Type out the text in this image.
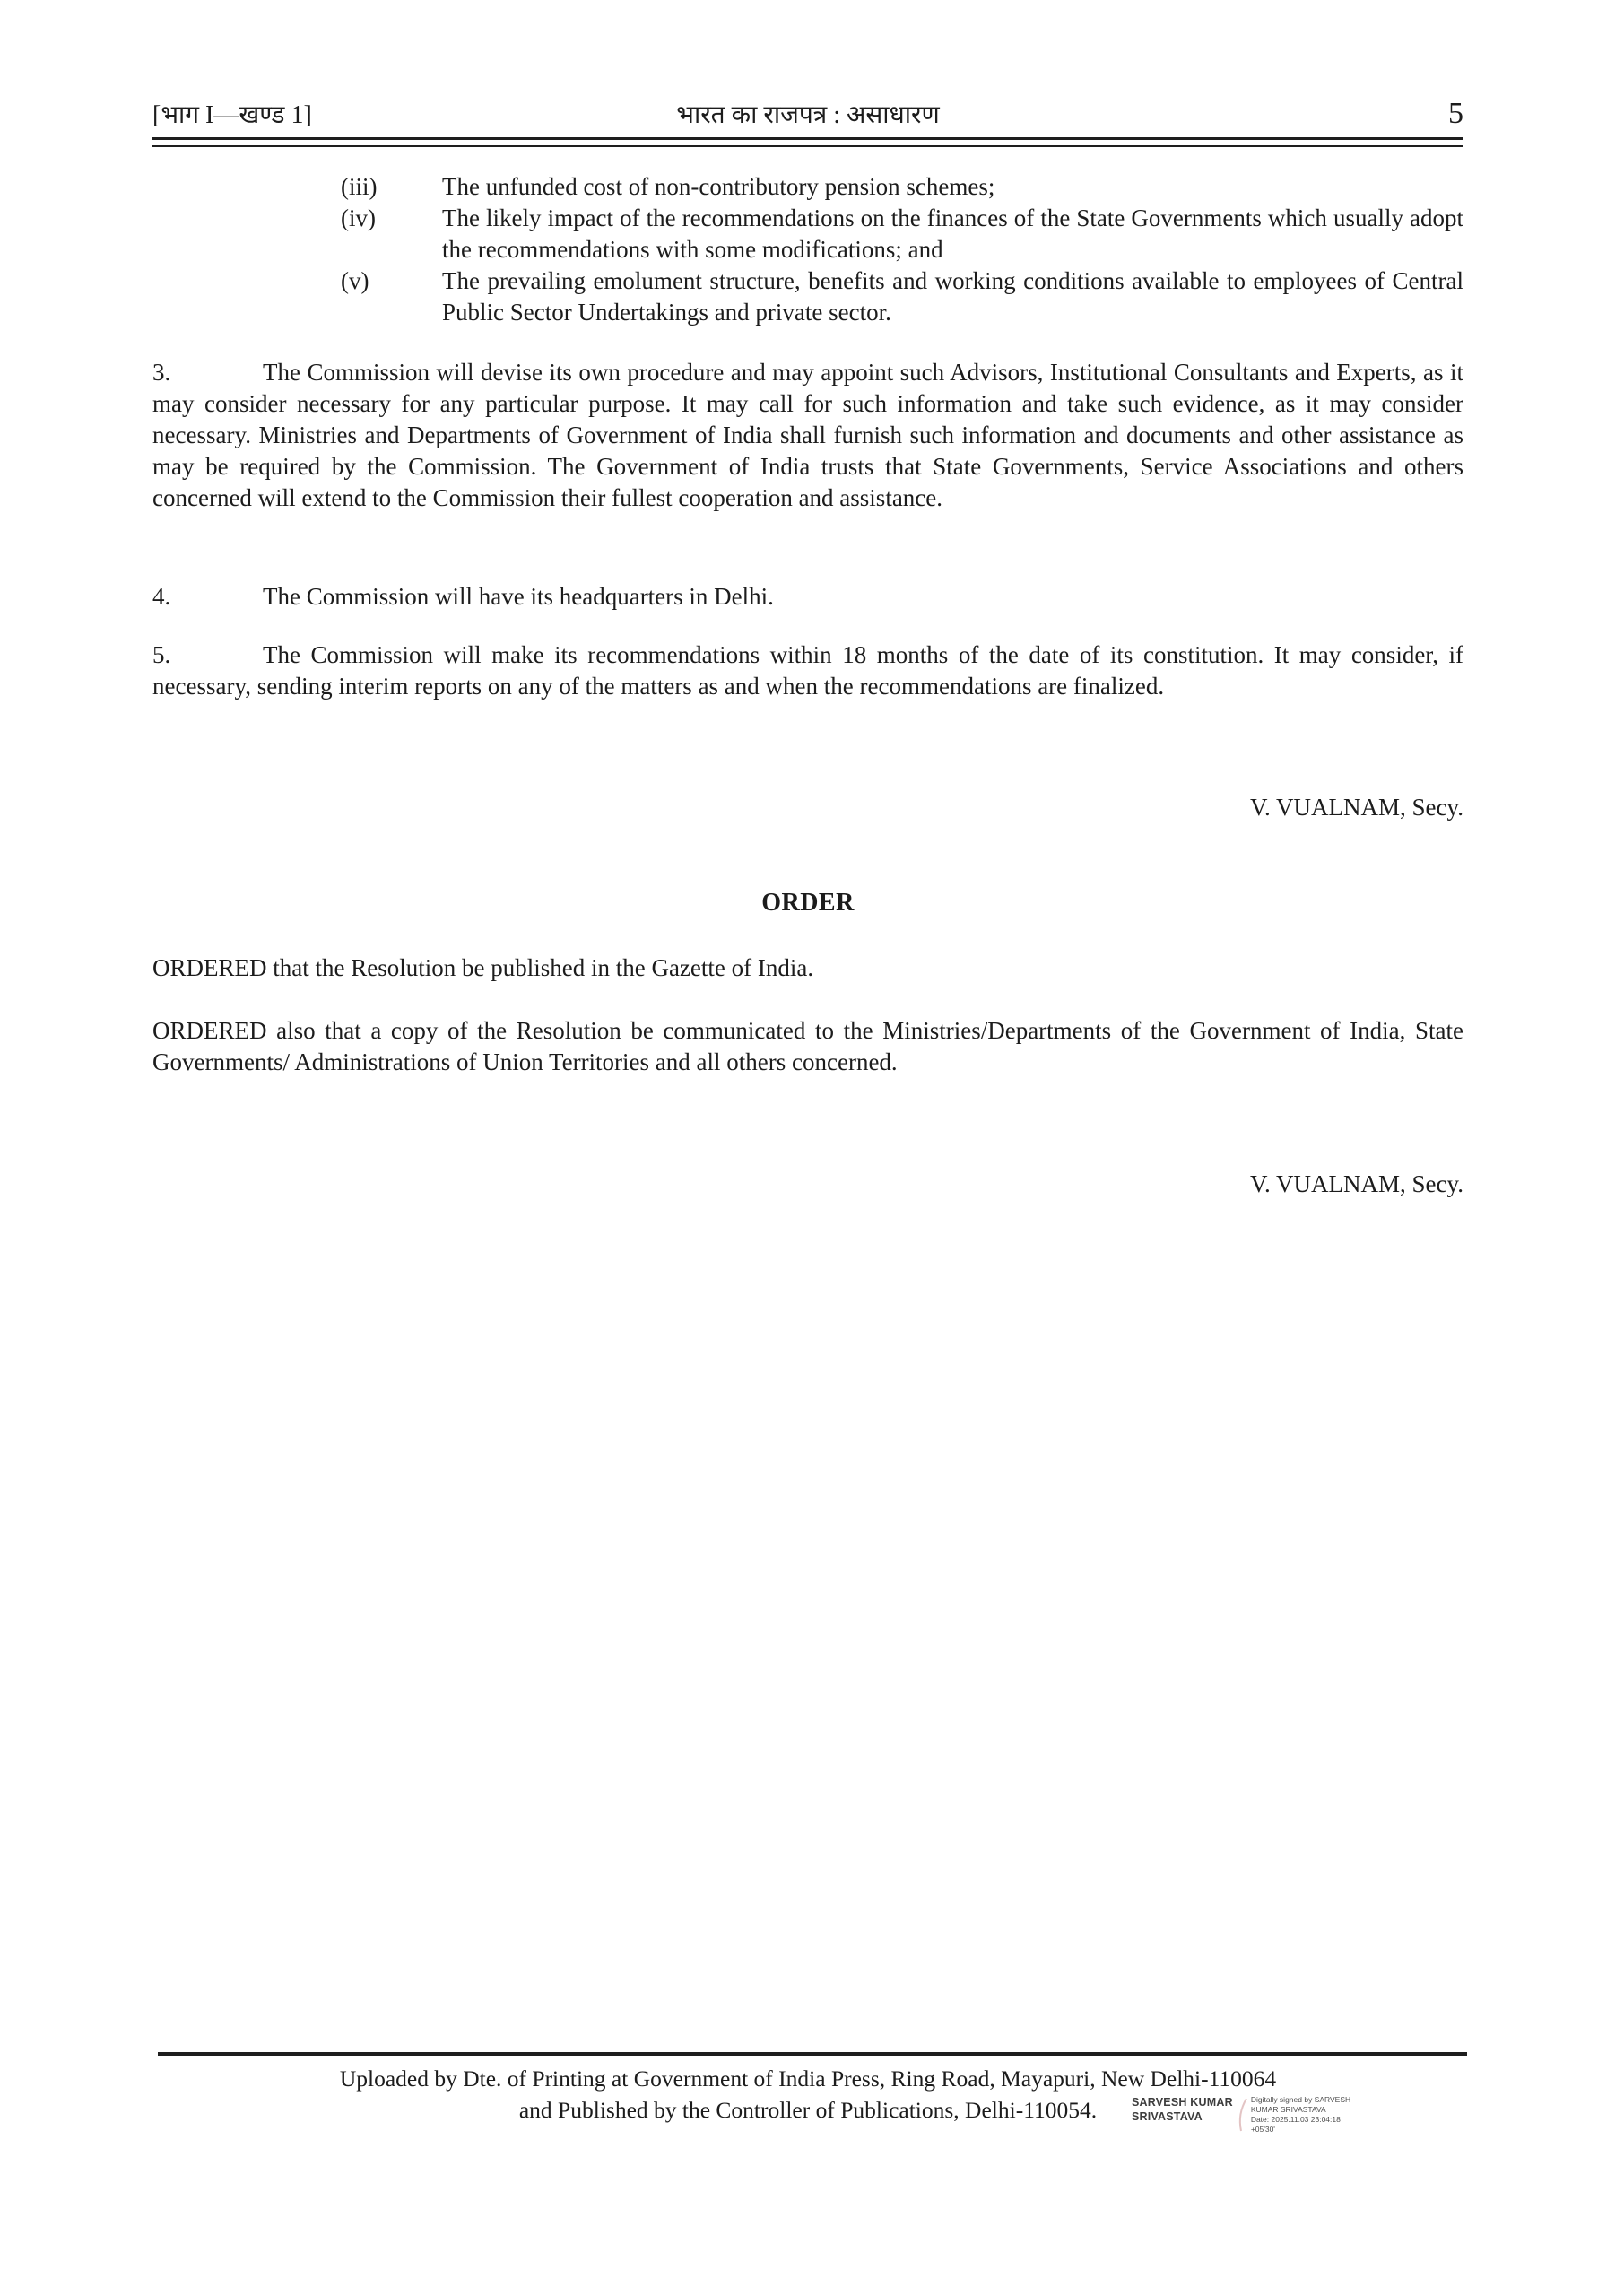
[भाग I—खण्ड 1]	भारत का राजपत्र : असाधारण	5
(iii)	The unfunded cost of non-contributory pension schemes;
(iv)	The likely impact of the recommendations on the finances of the State Governments which usually adopt the recommendations with some modifications; and
(v)	The prevailing emolument structure, benefits and working conditions available to employees of Central Public Sector Undertakings and private sector.

3.	The Commission will devise its own procedure and may appoint such Advisors, Institutional Consultants and Experts, as it may consider necessary for any particular purpose. It may call for such information and take such evidence, as it may consider necessary. Ministries and Departments of Government of India shall furnish such information and documents and other assistance as may be required by the Commission. The Government of India trusts that State Governments, Service Associations and others concerned will extend to the Commission their fullest cooperation and assistance.

4.	The Commission will have its headquarters in Delhi.

5.	The Commission will make its recommendations within 18 months of the date of its constitution. It may consider, if necessary, sending interim reports on any of the matters as and when the recommendations are finalized.

V. VUALNAM, Secy.
ORDER

ORDERED that the Resolution be published in the Gazette of India.

ORDERED also that a copy of the Resolution be communicated to the Ministries/Departments of the Government of India, State Governments/ Administrations of Union Territories and all others concerned.

V. VUALNAM, Secy.
Uploaded by Dte. of Printing at Government of India Press, Ring Road, Mayapuri, New Delhi-110064
and Published by the Controller of Publications, Delhi-110054.	SARVESH KUMAR
SRIVASTAVA
Digitally signed by SARVESH KUMAR SRIVASTAVA
Date: 2025.11.03 23:04:18 +05'30'
